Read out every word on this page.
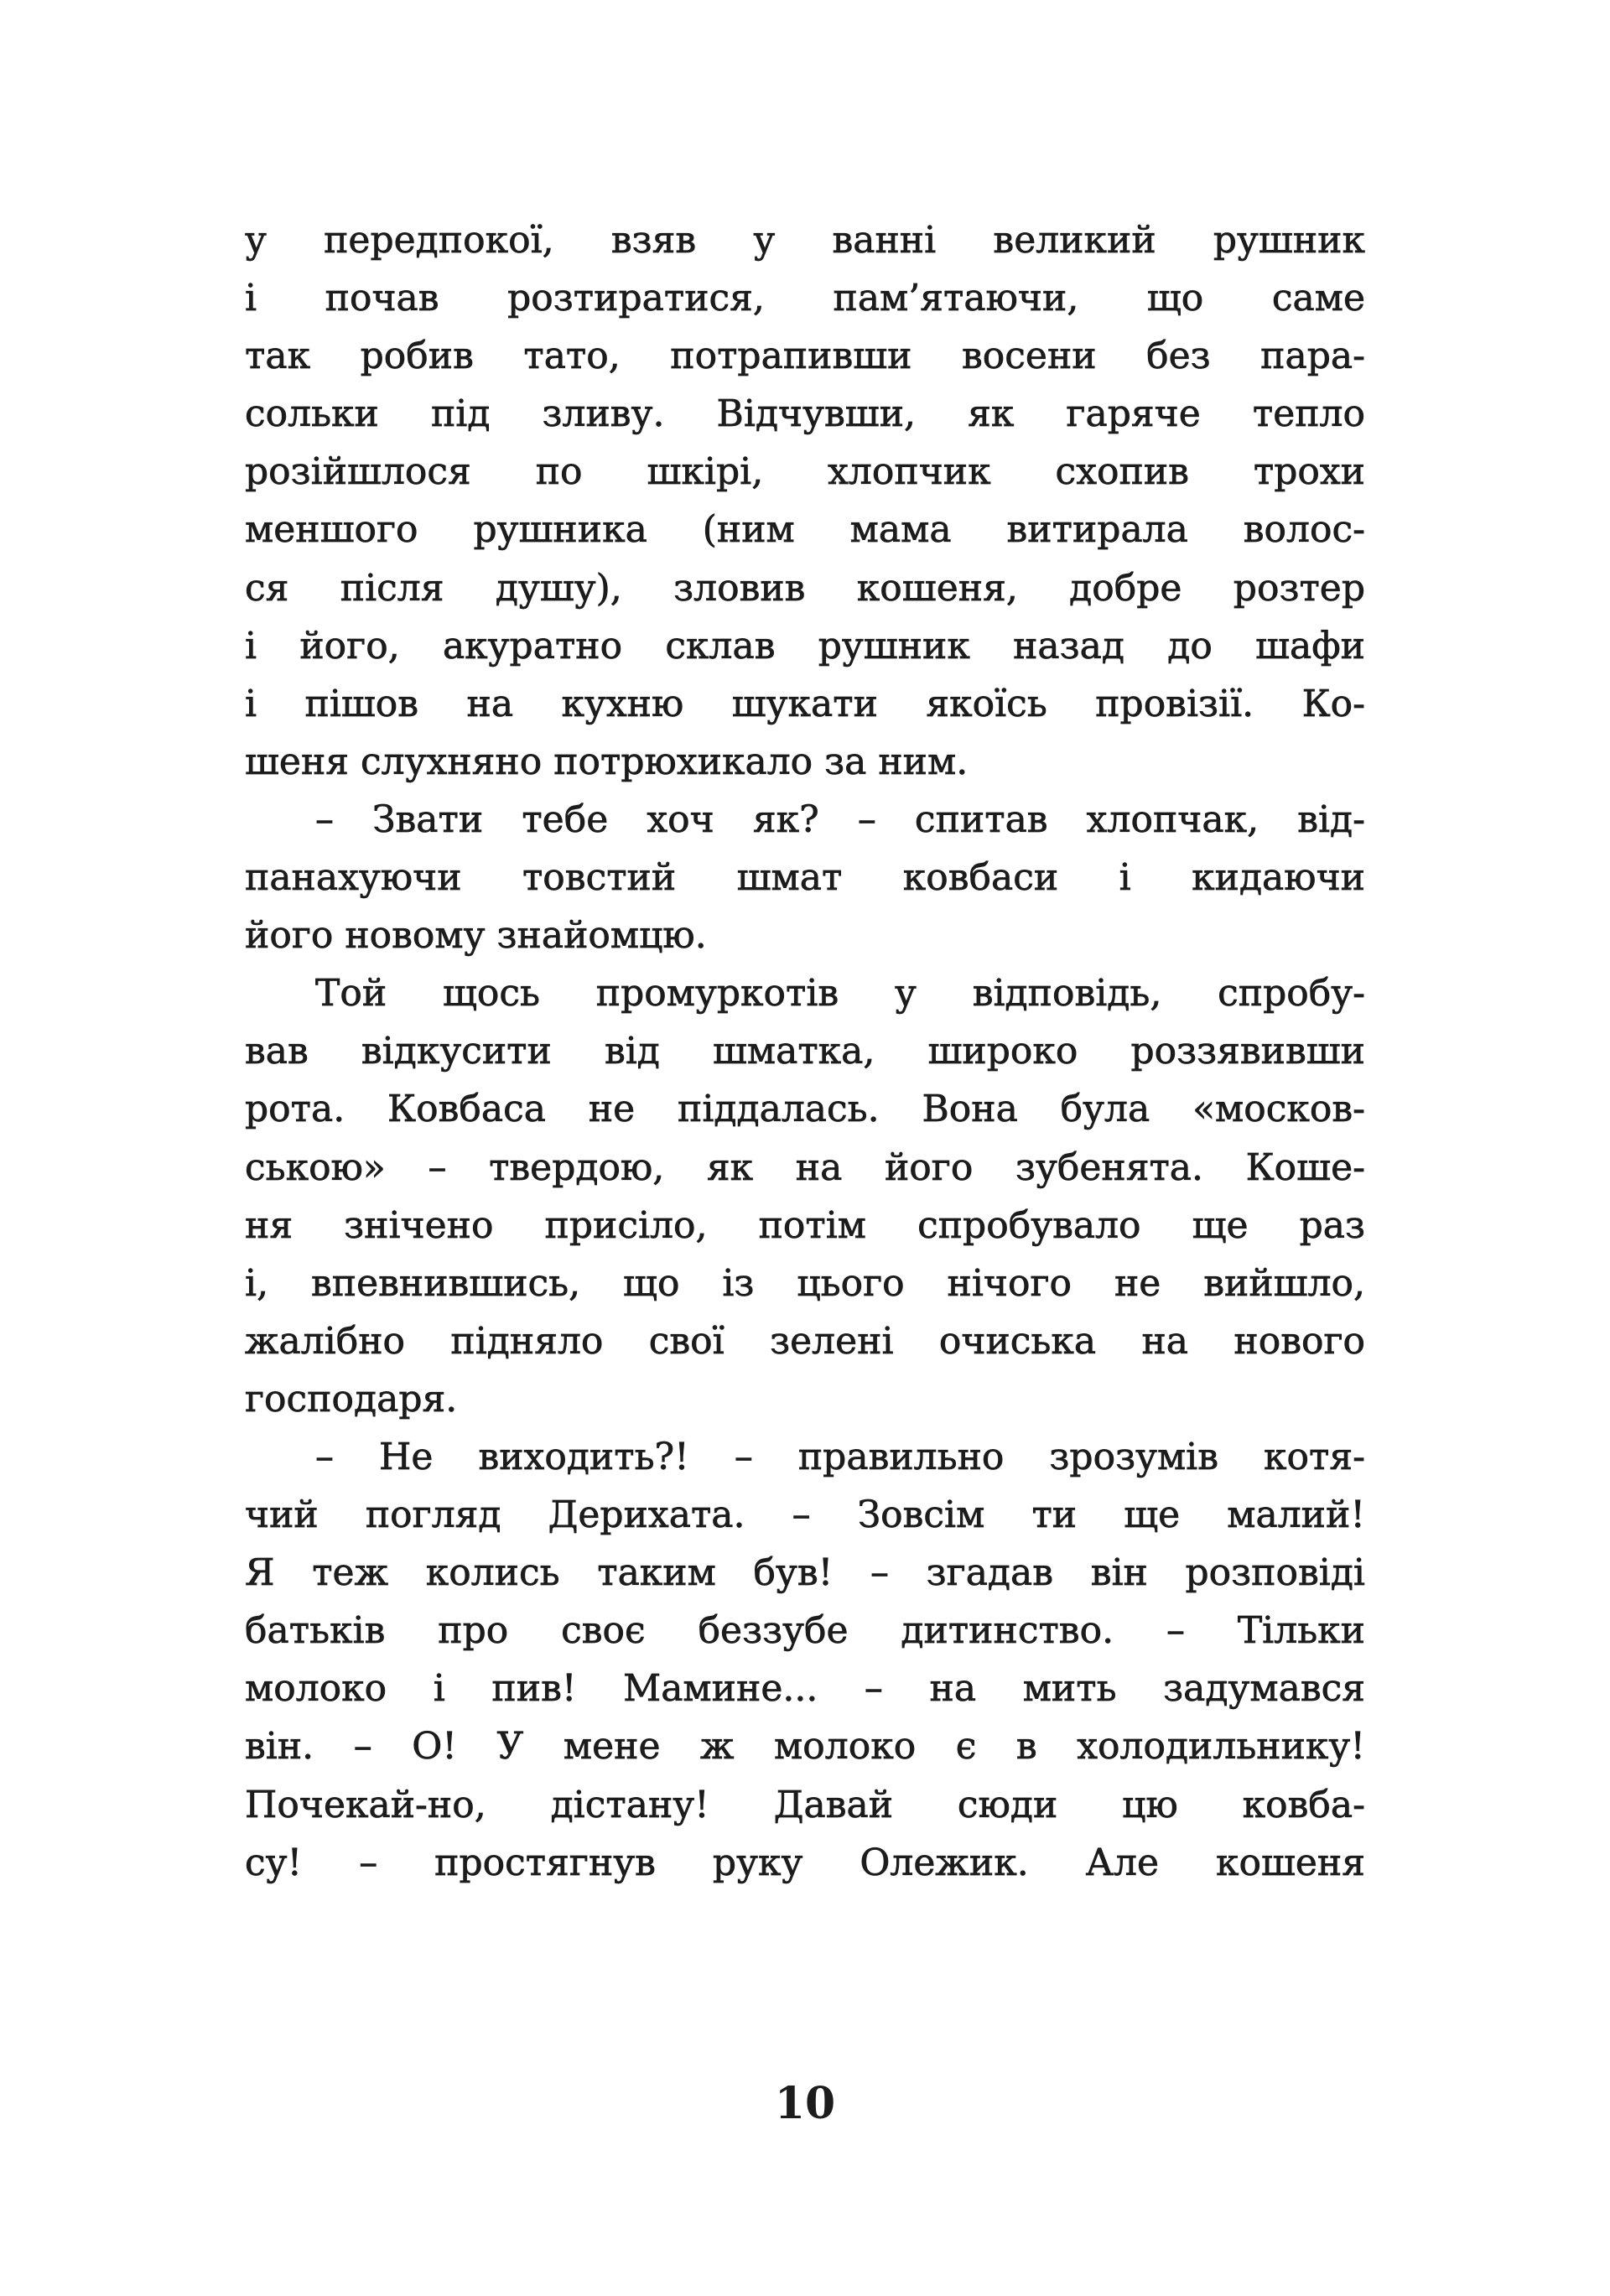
у передпокої, взяв у ванні великий рушник
і почав розтиратися, пам’ятаючи, що саме
так робив тато, потрапивши восени без пара-
сольки під зливу. Відчувши, як гаряче тепло
розійшлося по шкірі, хлопчик схопив трохи
меншого рушника (ним мама витирала волос-
ся після душу), зловив кошеня, добре розтер
і його, акуратно склав рушник назад до шафи
і пішов на кухню шукати якоїсь провізії. Ко-
шеня слухняно потрюхикало за ним.
– Звати тебе хоч як? – спитав хлопчак, від-
панахуючи товстий шмат ковбаси і кидаючи
його новому знайомцю.
Той щось промуркотів у відповідь, спробу-
вав відкусити від шматка, широко роззявивши
рота. Ковбаса не піддалась. Вона була «москов-
ською» – твердою, як на його зубенята. Коше-
ня знічено присіло, потім спробувало ще раз
і, впевнившись, що із цього нічого не вийшло,
жалібно підняло свої зелені очиська на нового
господаря.
– Не виходить?! – правильно зрозумів котя-
чий погляд Дерихата. – Зовсім ти ще малий!
Я теж колись таким був! – згадав він розповіді
батьків про своє беззубе дитинство. – Тільки
молоко і пив! Мамине... – на мить задумався
він. – О! У мене ж молоко є в холодильнику!
Почекай-но, дістану! Давай сюди цю ковба-
су! – простягнув руку Олежик. Але кошеня
10
